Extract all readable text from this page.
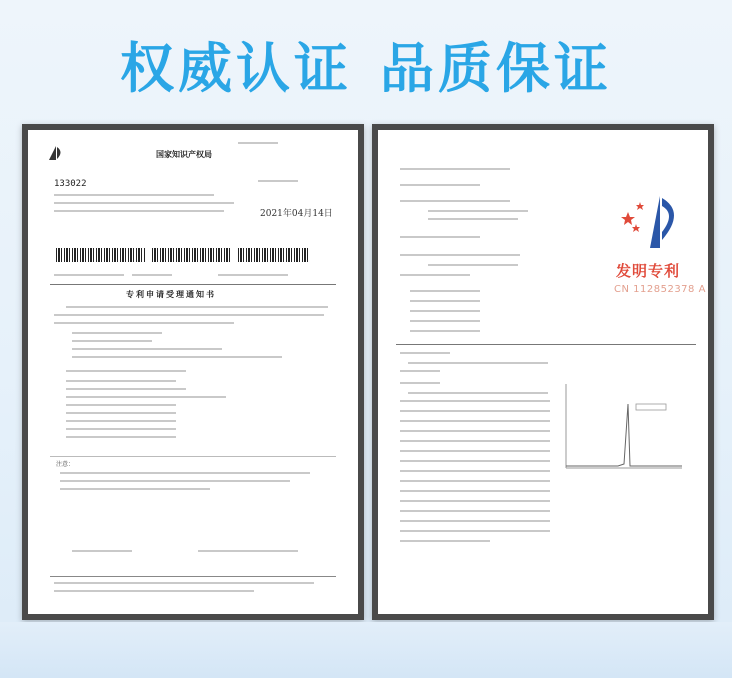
权威认证 品质保证
国家知识产权局
133022
2021年04月14日
专利申请受理通知书
注意：
发明专利
CN 112852378 A
